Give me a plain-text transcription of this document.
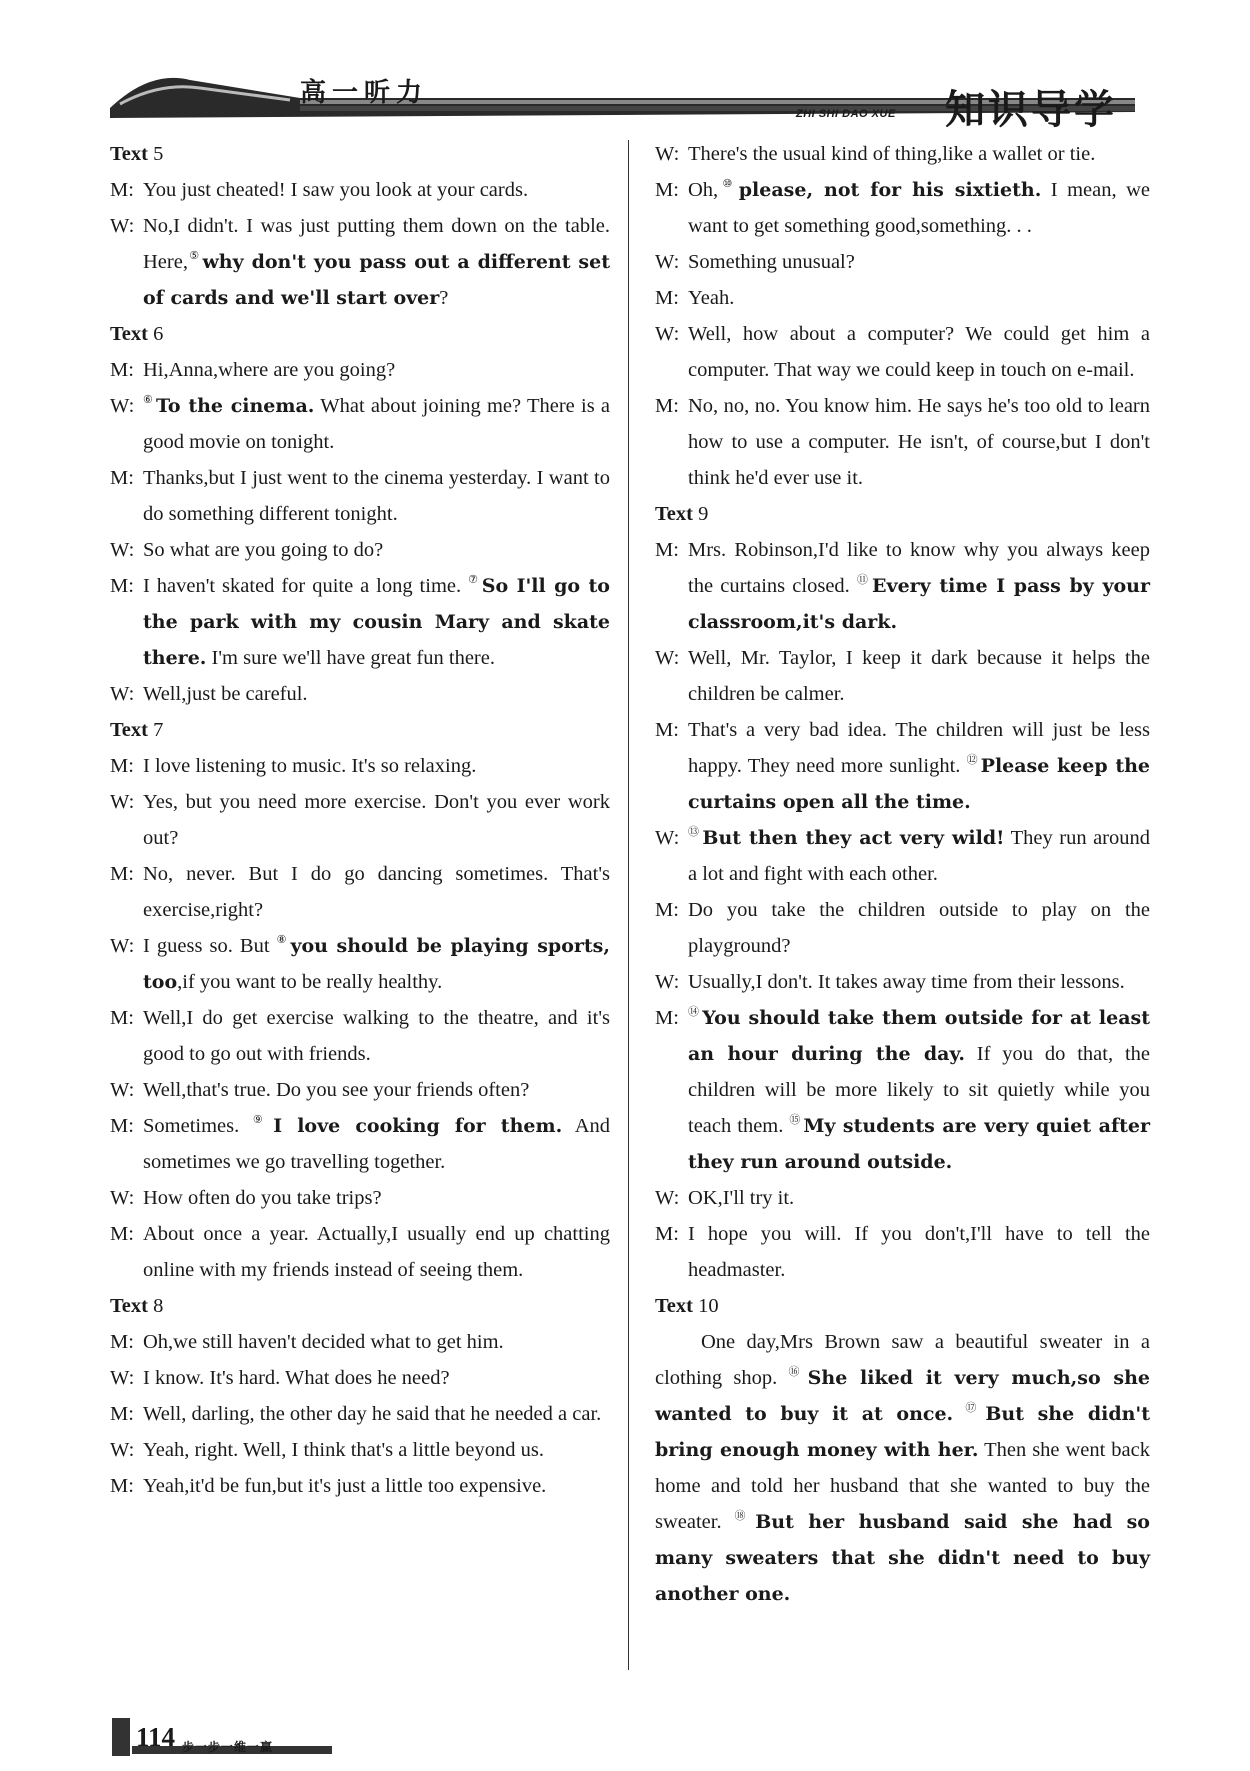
高一听力
ZHI SHI DAO XUE 知识导学
Text 5
M: You just cheated! I saw you look at your cards.
W: No,I didn't. I was just putting them down on the table. Here,⑤ why don't you pass out a different set of cards and we'll start over?
Text 6
M: Hi,Anna,where are you going?
W: ⑥ To the cinema. What about joining me? There is a good movie on tonight.
M: Thanks,but I just went to the cinema yesterday. I want to do something different tonight.
W: So what are you going to do?
M: I haven't skated for quite a long time. ⑦ So I'll go to the park with my cousin Mary and skate there. I'm sure we'll have great fun there.
W: Well,just be careful.
Text 7
M: I love listening to music. It's so relaxing.
W: Yes, but you need more exercise. Don't you ever work out?
M: No, never. But I do go dancing sometimes. That's exercise,right?
W: I guess so. But ⑧ you should be playing sports, too,if you want to be really healthy.
M: Well,I do get exercise walking to the theatre, and it's good to go out with friends.
W: Well,that's true. Do you see your friends often?
M: Sometimes. ⑨ I love cooking for them. And sometimes we go travelling together.
W: How often do you take trips?
M: About once a year. Actually,I usually end up chatting online with my friends instead of seeing them.
Text 8
M: Oh,we still haven't decided what to get him.
W: I know. It's hard. What does he need?
M: Well, darling, the other day he said that he needed a car.
W: Yeah, right. Well, I think that's a little beyond us.
M: Yeah,it'd be fun,but it's just a little too expensive.
W: There's the usual kind of thing,like a wallet or tie.
M: Oh,⑩ please, not for his sixtieth. I mean, we want to get something good,something. . .
W: Something unusual?
M: Yeah.
W: Well, how about a computer? We could get him a computer. That way we could keep in touch on e-mail.
M: No, no, no. You know him. He says he's too old to learn how to use a computer. He isn't, of course,but I don't think he'd ever use it.
Text 9
M: Mrs. Robinson,I'd like to know why you always keep the curtains closed. ⑪ Every time I pass by your classroom,it's dark.
W: Well, Mr. Taylor, I keep it dark because it helps the children be calmer.
M: That's a very bad idea. The children will just be less happy. They need more sunlight. ⑫ Please keep the curtains open all the time.
W: ⑬ But then they act very wild! They run around a lot and fight with each other.
M: Do you take the children outside to play on the playground?
W: Usually,I don't. It takes away time from their lessons.
M: ⑭ You should take them outside for at least an hour during the day. If you do that, the children will be more likely to sit quietly while you teach them. ⑮ My students are very quiet after they run around outside.
W: OK,I'll try it.
M: I hope you will. If you don't,I'll have to tell the headmaster.
Text 10
One day,Mrs Brown saw a beautiful sweater in a clothing shop. ⑯ She liked it very much,so she wanted to buy it at once. ⑰ But she didn't bring enough money with her. Then she went back home and told her husband that she wanted to buy the sweater. ⑱ But her husband said she had so many sweaters that she didn't need to buy another one.
114 步一步一维一赢
